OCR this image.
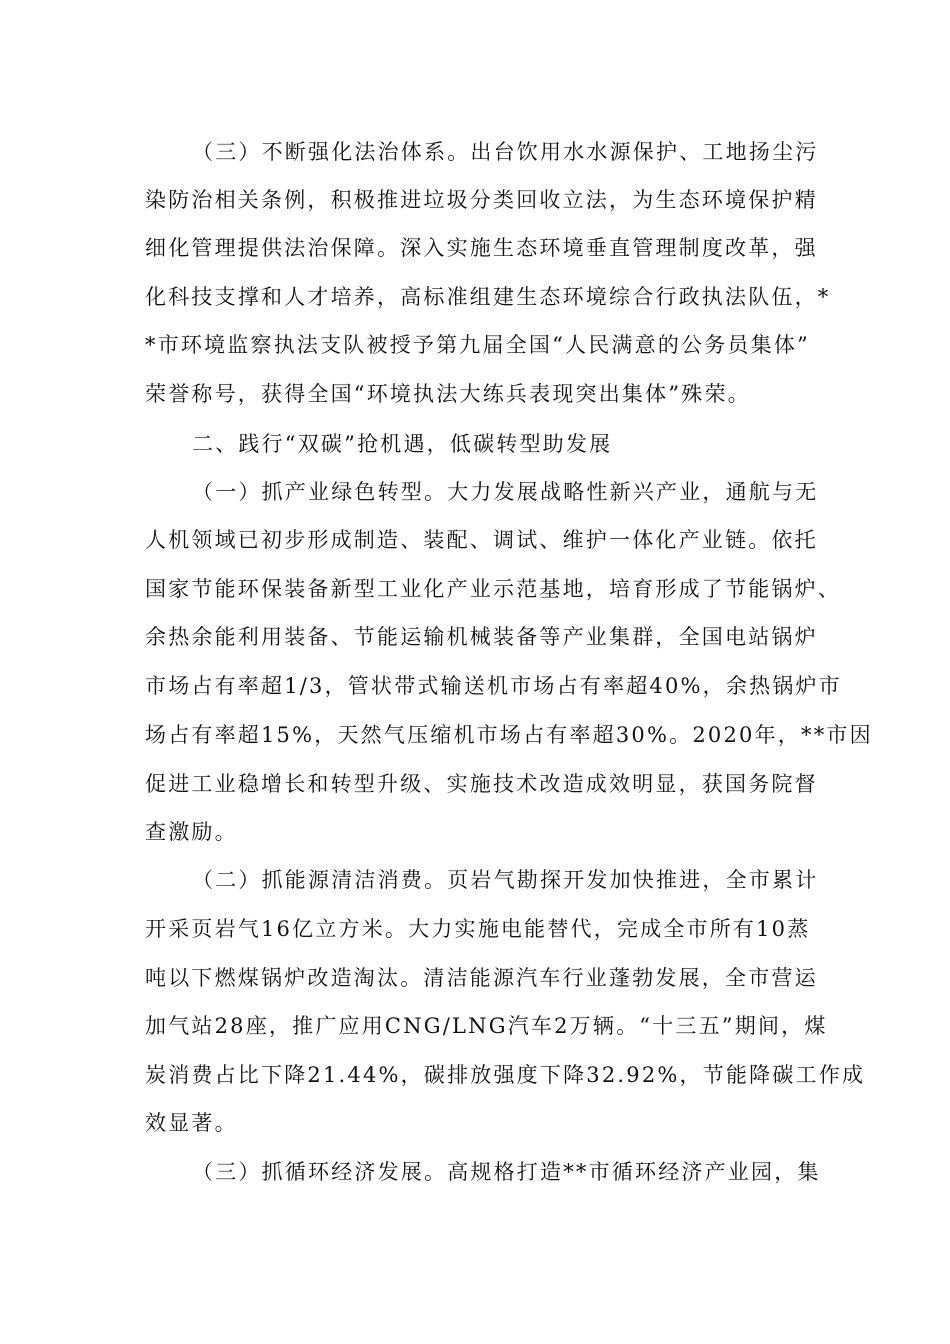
（三）不断强化法治体系。出台饮用水水源保护、工地扬尘污
染防治相关条例，积极推进垃圾分类回收立法，为生态环境保护精
细化管理提供法治保障。深入实施生态环境垂直管理制度改革，强
化科技支撑和人才培养，高标准组建生态环境综合行政执法队伍，*
*市环境监察执法支队被授予第九届全国“人民满意的公务员集体”
荣誉称号，获得全国“环境执法大练兵表现突出集体”殊荣。
二、践行“双碳”抢机遇，低碳转型助发展
（一）抓产业绿色转型。大力发展战略性新兴产业，通航与无
人机领域已初步形成制造、装配、调试、维护一体化产业链。依托
国家节能环保装备新型工业化产业示范基地，培育形成了节能锅炉、
余热余能利用装备、节能运输机械装备等产业集群，全国电站锅炉
市场占有率超1/3，管状带式输送机市场占有率超40%，余热锅炉市
场占有率超15%，天然气压缩机市场占有率超30%。2020年，**市因
促进工业稳增长和转型升级、实施技术改造成效明显，获国务院督
查激励。
（二）抓能源清洁消费。页岩气勘探开发加快推进，全市累计
开采页岩气16亿立方米。大力实施电能替代，完成全市所有10蒸
吨以下燃煤锅炉改造淘汰。清洁能源汽车行业蓬勃发展，全市营运
加气站28座，推广应用CNG/LNG汽车2万辆。“十三五”期间，煤
炭消费占比下降21.44%，碳排放强度下降32.92%，节能降碳工作成
效显著。
（三）抓循环经济发展。高规格打造**市循环经济产业园，集
